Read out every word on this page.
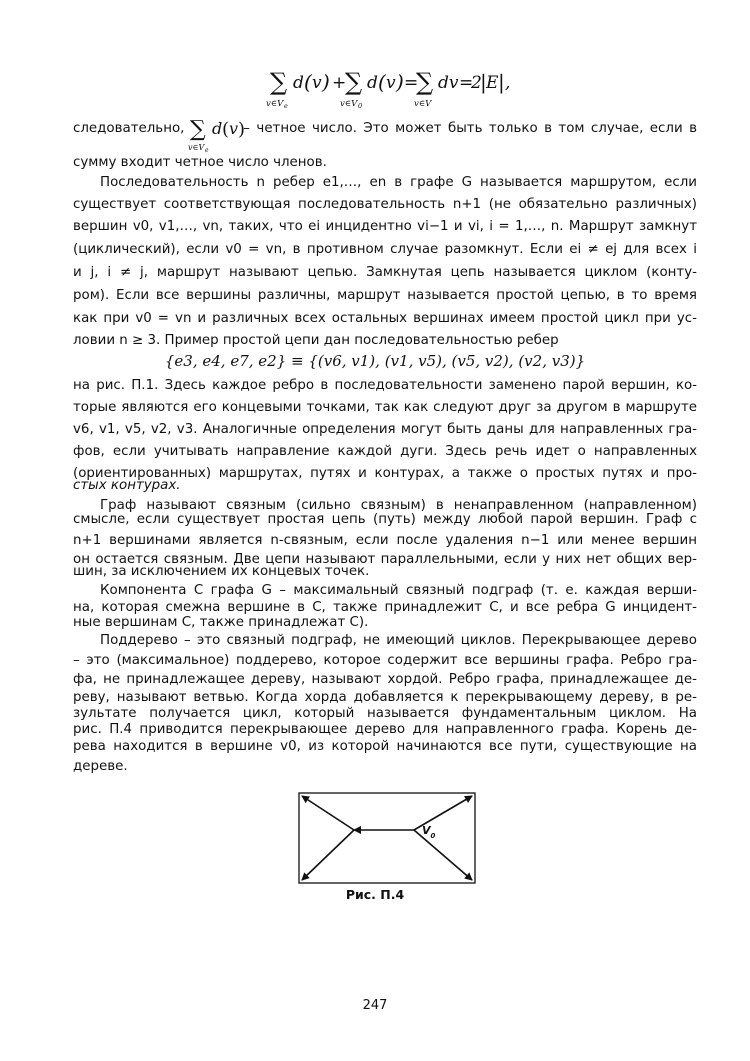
∑
v∈V e
d ( v ) +
∑
v∈V 0
d ( v ) =
∑
v∈V
dv =
2
| E | ,
следовательно,	– четное число. Это может быть только в том случае, если в
∑
v∈V e
d ( v )
сумму входит четное число членов.
Последовательность n ребер e1,…, en в графе G называется маршрутом, если
существует соответствующая последовательность n+1 (не обязательно различных)
вершин v0, v1,…, vn, таких, что ei инцидентно vi−1 и vi, i = 1,…, n. Маршрут замкнут
(циклический), если v0 = vn, в противном случае разомкнут. Если ei ≠ ej для всех i
и j, i ≠ j, маршрут называют цепью. Замкнутая цепь называется циклом (конту-
ром). Если все вершины различны, маршрут называется простой цепью, в то время
как при v0 = vn и различных всех остальных вершинах имеем простой цикл при ус-
ловии n ≥ 3. Пример простой цепи дан последовательностью ребер
{e3, e4, e7, e2} ≡ {(v6, v1), (v1, v5), (v5, v2), (v2, v3)}
на рис. П.1. Здесь каждое ребро в последовательности заменено парой вершин, ко-
торые являются его концевыми точками, так как следуют друг за другом в маршруте
v6, v1, v5, v2, v3. Аналогичные определения могут быть даны для направленных гра-
фов, если учитывать направление каждой дуги. Здесь речь идет о направленных
(ориентированных) маршрутах, путях и контурах, а также о простых путях и про-
стых контурах.
Граф называют связным (сильно связным) в ненаправленном (направленном)
смысле, если существует простая цепь (путь) между любой парой вершин. Граф с
n+1 вершинами является n-связным, если после удаления n−1 или менее вершин
он остается связным. Две цепи называют параллельными, если у них нет общих вер-
шин, за исключением их концевых точек.
Компонента C графа G – максимальный связный подграф (т. е. каждая верши-
на, которая смежна вершине в C, также принадлежит C, и все ребра G инцидент-
ные вершинам C, также принадлежат C).
Поддерево – это связный подграф, не имеющий циклов. Перекрывающее дерево
– это (максимальное) поддерево, которое содержит все вершины графа. Ребро гра-
фа, не принадлежащее дереву, называют хордой. Ребро графа, принадлежащее де-
реву, называют ветвью. Когда хорда добавляется к перекрывающему дереву, в ре-
зультате получается цикл, который называется фундаментальным циклом. На
рис. П.4 приводится перекрывающее дерево для направленного графа. Корень де-
рева находится в вершине v0, из которой начинаются все пути, существующие на
дереве.
$V_0$
Рис. П.4
247
